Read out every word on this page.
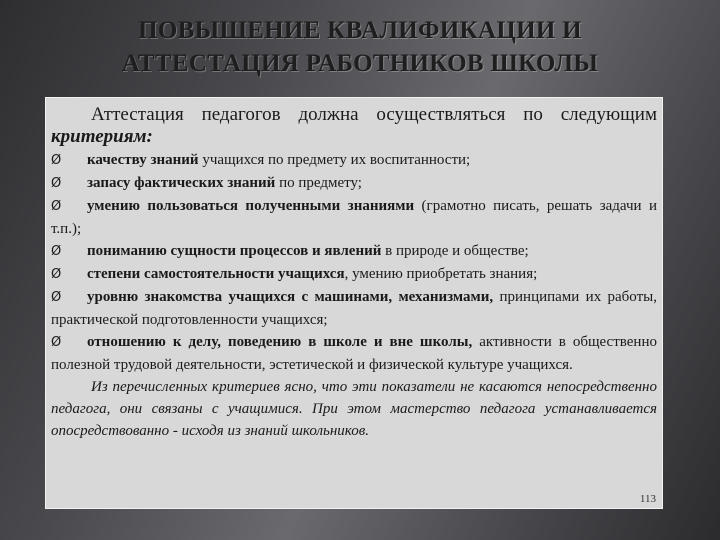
ПОВЫШЕНИЕ КВАЛИФИКАЦИИ И
АТТЕСТАЦИЯ РАБОТНИКОВ ШКОЛЫ
Аттестация педагогов должна осуществляться по следующим критериям:
Ø качеству знаний учащихся по предмету их воспитанности;
Ø запасу фактических знаний по предмету;
Ø умению пользоваться полученными знаниями (грамотно писать, решать задачи и т.п.);
Ø пониманию сущности процессов и явлений в природе и обществе;
Ø степени самостоятельности учащихся, умению приобретать знания;
Ø уровню знакомства учащихся с машинами, механизмами, принципами их работы, практической подготовленности учащихся;
Ø отношению к делу, поведению в школе и вне школы, активности в общественно полезной трудовой деятельности, эстетической и физической культуре учащихся.
Из перечисленных критериев ясно, что эти показатели не касаются непосредственно педагога, они связаны с учащимися. При этом мастерство педагога устанавливается опосредствованно - исходя из знаний школьников.
113
